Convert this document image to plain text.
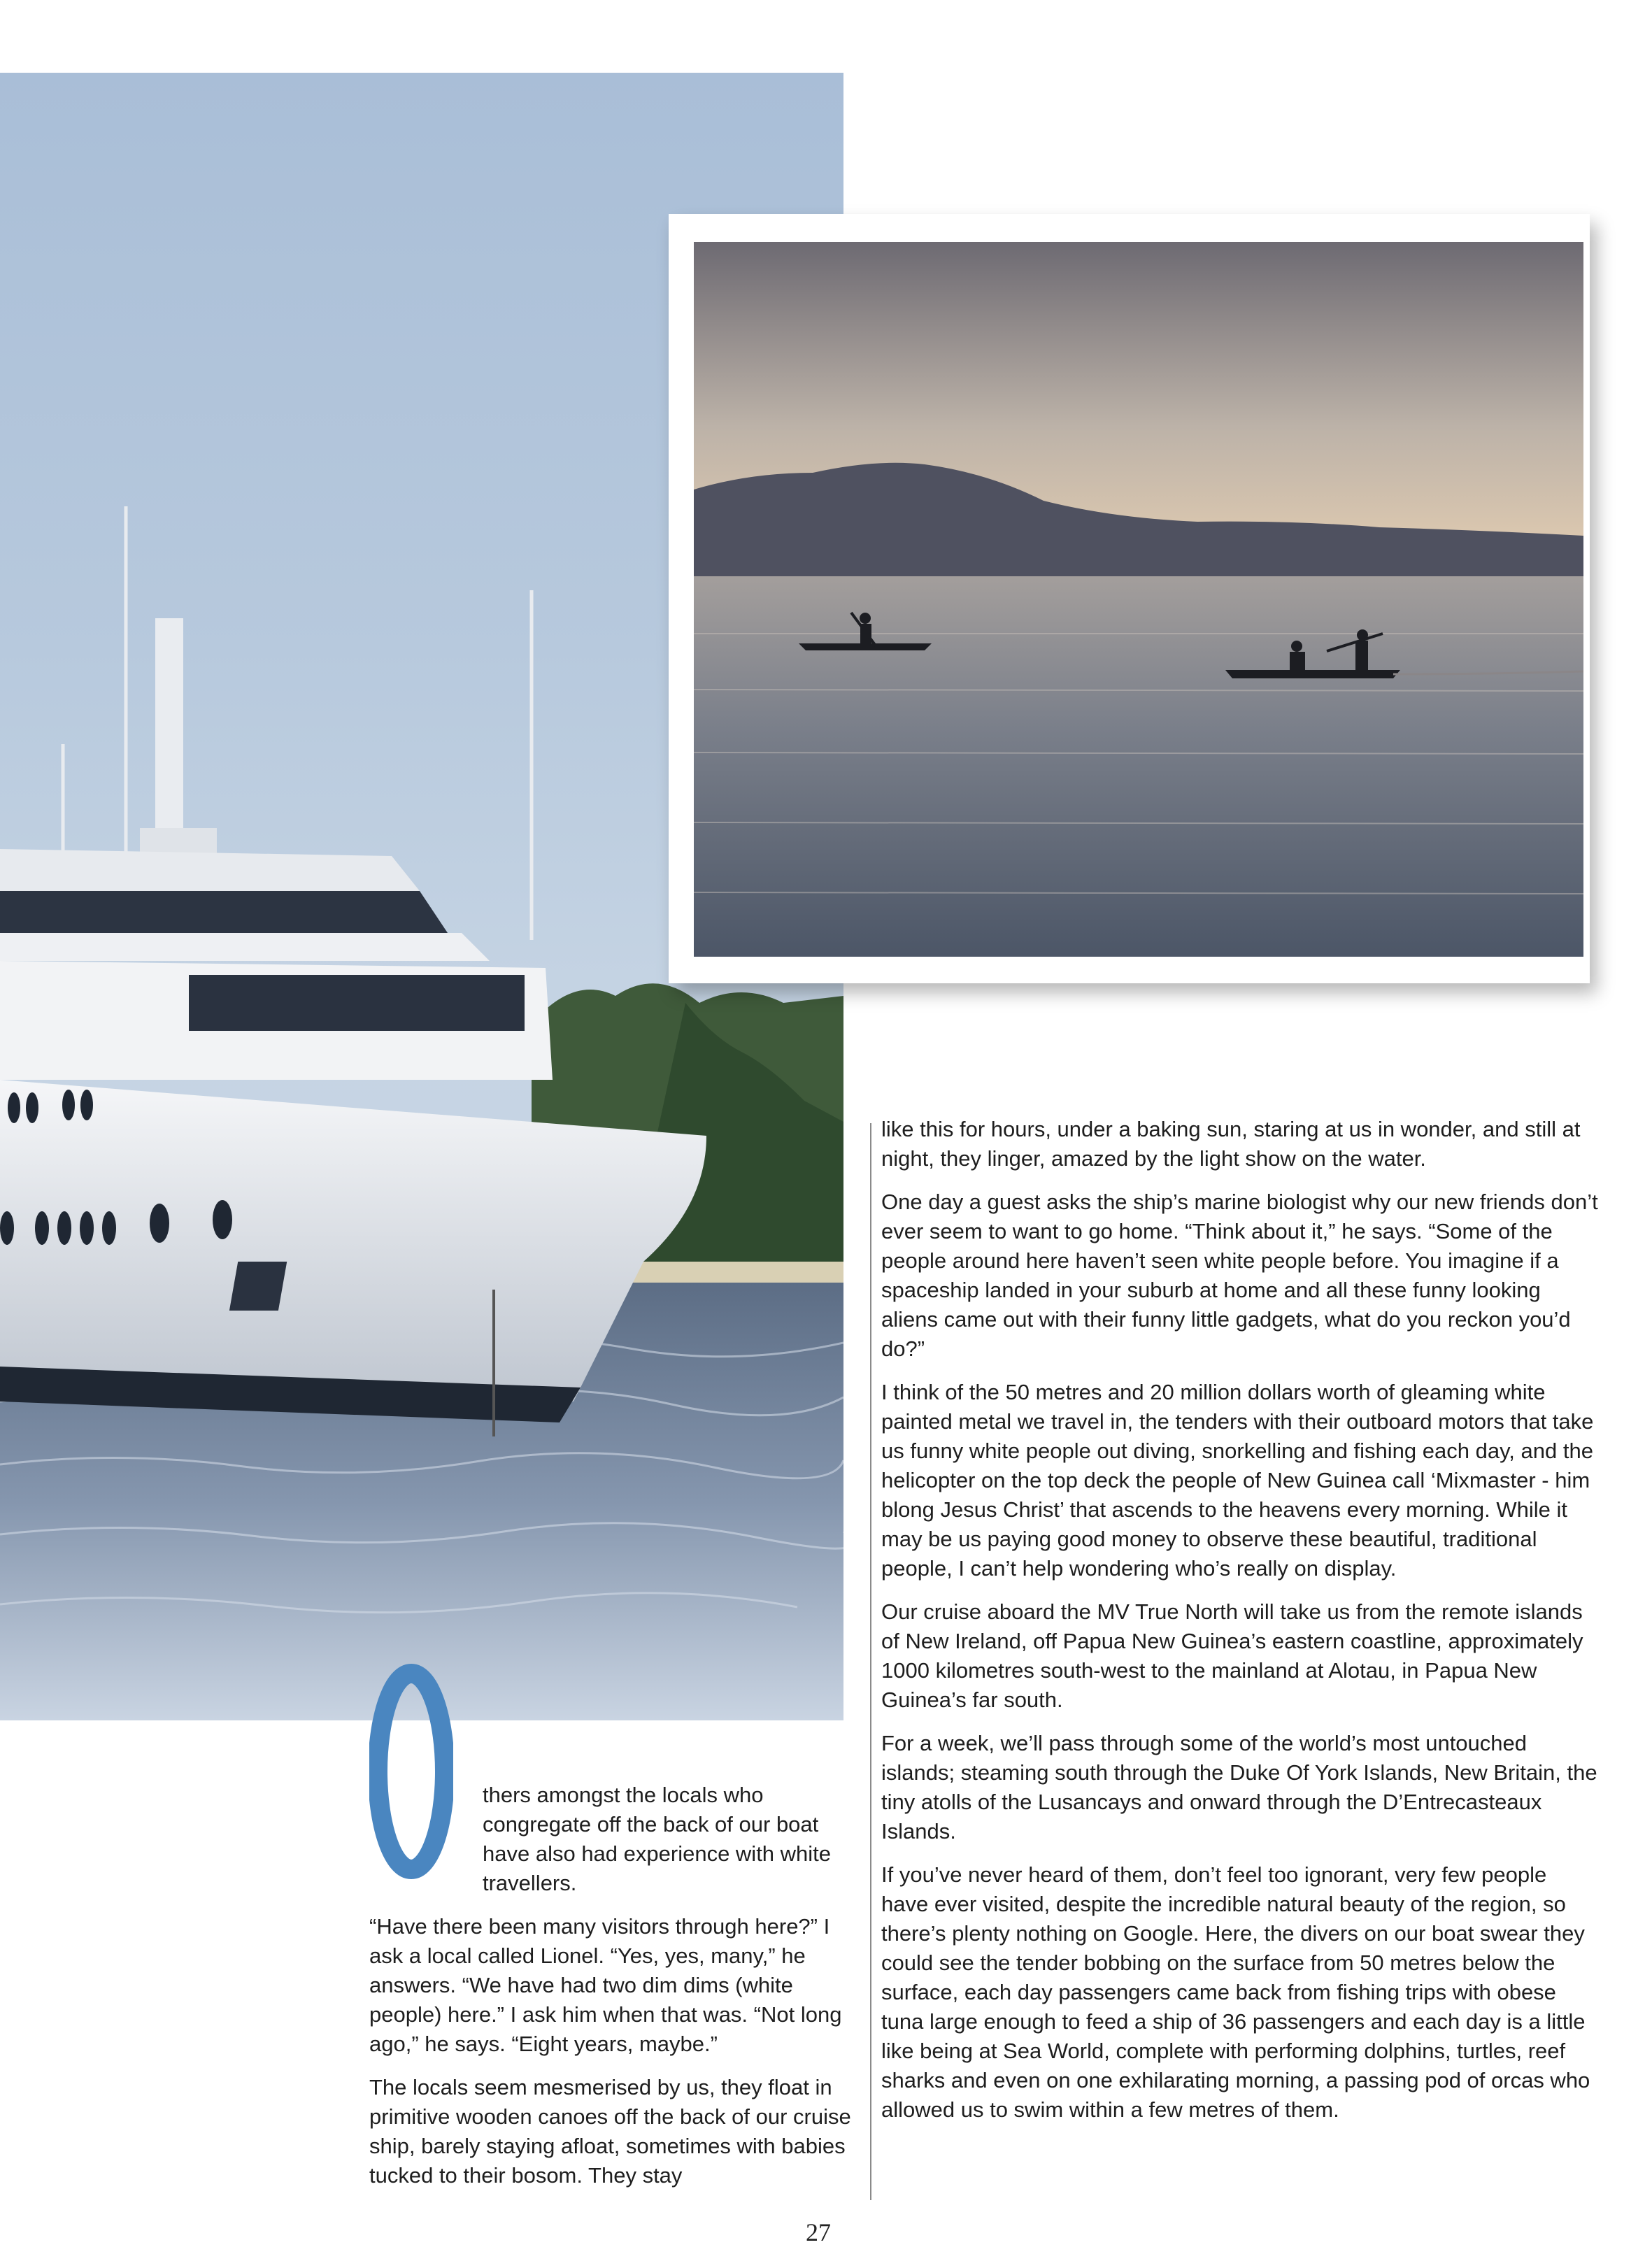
thers amongst the locals who congregate off the back of our boat have also had experience with white travellers.

“Have there been many visitors through here?” I ask a local called Lionel. “Yes, yes, many,” he answers. “We have had two dim dims (white people) here.” I ask him when that was. “Not long ago,” he says. “Eight years, maybe.”

The locals seem mesmerised by us, they float in primitive wooden canoes off the back of our cruise ship, barely staying afloat, sometimes with babies tucked to their bosom. They stay

like this for hours, under a baking sun, staring at us in wonder, and still at night, they linger, amazed by the light show on the water.

One day a guest asks the ship’s marine biologist why our new friends don’t ever seem to want to go home. “Think about it,” he says. “Some of the people around here haven’t seen white people before. You imagine if a spaceship landed in your suburb at home and all these funny looking aliens came out with their funny little gadgets, what do you reckon you’d do?”

I think of the 50 metres and 20 million dollars worth of gleaming white painted metal we travel in, the tenders with their outboard motors that take us funny white people out diving, snorkelling and fishing each day, and the helicopter on the top deck the people of New Guinea call ‘Mixmaster - him blong Jesus Christ’ that ascends to the heavens every morning. While it may be us paying good money to observe these beautiful, traditional people, I can’t help wondering who’s really on display.

Our cruise aboard the MV True North will take us from the remote islands of New Ireland, off Papua New Guinea’s eastern coastline, approximately 1000 kilometres south-west to the mainland at Alotau, in Papua New Guinea’s far south.

For a week, we’ll pass through some of the world’s most untouched islands; steaming south through the Duke Of York Islands, New Britain, the tiny atolls of the Lusancays and onward through the D’Entrecasteaux Islands.

If you’ve never heard of them, don’t feel too ignorant, very few people have ever visited, despite the incredible natural beauty of the region, so there’s plenty nothing on Google. Here, the divers on our boat swear they could see the tender bobbing on the surface from 50 metres below the surface, each day passengers came back from fishing trips with obese tuna large enough to feed a ship of 36 passengers and each day is a little like being at Sea World, complete with performing dolphins, turtles, reef sharks and even on one exhilarating morning, a passing pod of orcas who allowed us to swim within a few metres of them.

27
